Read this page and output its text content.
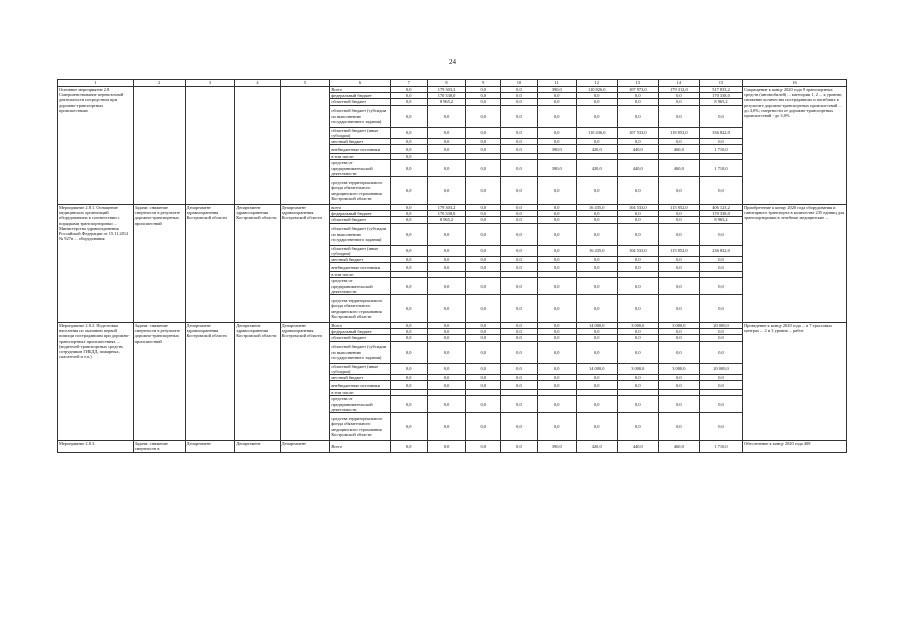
24
1	2	3	4	5	6	7	8	9	10	11	12	13	14	15	16
Основное мероприятие 2.8. Совершенствование перевозочной деятельности посредством при дорожно-транспортных происшествиях					Всего	0,0	179 303,2	0,0	0,0	390,0	110 826,0	107 973,0	179 312,0	517 833,2	Сокращение к концу 2020 года 9 транспортных средств (автомобилей) ... категории 1, 2 ... к уровню; снижение количества пострадавших и погибших в результате дорожно-транспортных происшествий ... до 4,0%; смертности от дорожно-транспортных происшествий - до 3,0%
					федеральный бюджет	0,0	170 338,0	0,0	0,0	0,0	0,0	0,0	0,0	170 338,0	
					областной бюджет	0,0	8 965,2	0,0	0,0	0,0	0,0	0,0	0,0	8 965,2	
					областной бюджет (субсидии по выполнению государственного задания)	0,0	0,0	0,0	0,0	0,0	0,0	0,0	0,0	0,0	
					областной бюджет (иные субсидии)	0,0	0,0	0,0	0,0	0,0	110 436,0	107 533,0	118 853,0	336 822,0	
					местный бюджет	0,0	0,0	0,0	0,0	0,0	0,0	0,0	0,0	0,0	
					внебюджетные источники	0,0	0,0	0,0	0,0	390,0	420,0	440,0	460,0	1 710,0	
					в том числе:	0,0									
					средства от предпринимательской деятельности	0,0	0,0	0,0	0,0	390,0	420,0	440,0	460,0	1 710,0	
					средства территориального фонда обязательного медицинского страхования Костромской области	0,0	0,0	0,0	0,0	0,0	0,0	0,0	0,0	0,0	
Мероприятие 2.8.1. Оснащение медицинских организаций оборудованием в соответствии с порядками транспортировки ... Министерства здравоохранения Российской Федерации от 15.11.2012 № 927н ... оборудования	Задачи: снижение смертности в результате дорожно-транспортных происшествий	Департамент здравоохранения Костромской области	Департамент здравоохранения Костромской области	Департамент здравоохранения Костромской области	всего	0,0	179 303,2	0,0	0,0	0,0	16 435,0	104 533,0	115 852,0	406 123,2	Приобретение к концу 2020 года оборудования и санитарного транспорта в количестве 235 единиц для транспортировки в лечебные медицинские ...
					федеральный бюджет	0,0	170 338,0	0,0	0,0	0,0	0,0	0,0	0,0	170 338,0	
					областной бюджет	0,0	8 965,2	0,0	0,0	0,0	0,0	0,0	0,0	8 965,2	
					областной бюджет (субсидии по выполнению государственного задания)	0,0	0,0	0,0	0,0	0,0	0,0	0,0	0,0	0,0	
					областной бюджет (иные субсидии)	0,0	0,0	0,0	0,0	0,0	16 435,0	104 533,0	115 852,0	236 822,0	
					местный бюджет	0,0	0,0	0,0	0,0	0,0	0,0	0,0	0,0	0,0	
					внебюджетные источники	0,0	0,0	0,0	0,0	0,0	0,0	0,0	0,0	0,0	
					в том числе:										
					средства от предпринимательской деятельности	0,0	0,0	0,0	0,0	0,0	0,0	0,0	0,0	0,0	
					средства территориального фонда обязательного медицинского страхования Костромской области	0,0	0,0	0,0	0,0	0,0	0,0	0,0	0,0	0,0	
Мероприятие 2.8.2. Подготовка населения по оказанию первой помощи пострадавшим при дорожно-транспортных происшествиях ... (водителей транспортных средств, сотрудников ГИБДД, пожарных, спасателей и т.п.)	Задачи: снижение смертности в результате дорожно-транспортных происшествий	Департамент здравоохранения Костромской области	Департамент здравоохранения Костромской области	Департамент здравоохранения Костромской области	Всего	0,0	0,0	0,0	0,0	0,0	14 000,0	3 000,0	3 000,0	20 000,0	Проведение к концу 2020 года ... в 7 трассовых центрах ... 2 и 3 уровня ... работ
					федеральный бюджет	0,0	0,0	0,0	0,0	0,0	0,0	0,0	0,0	0,0	
					областной бюджет	0,0	0,0	0,0	0,0	0,0	0,0	0,0	0,0	0,0	
					областной бюджет (субсидии по выполнению государственного задания)	0,0	0,0	0,0	0,0	0,0	0,0	0,0	0,0	0,0	
					областной бюджет (иные субсидии)	0,0	0,0	0,0	0,0	0,0	14 000,0	3 000,0	3 000,0	20 000,0	
					местный бюджет	0,0	0,0	0,0	0,0	0,0	0,0	0,0	0,0	0,0	
					внебюджетные источники	0,0	0,0	0,0	0,0	0,0	0,0	0,0	0,0	0,0	
					в том числе:										
					средства от предпринимательской деятельности	0,0	0,0	0,0	0,0	0,0	0,0	0,0	0,0	0,0	
					средства территориального фонда обязательного медицинского страхования Костромской области	0,0	0,0	0,0	0,0	0,0	0,0	0,0	0,0	0,0	
Мероприятие 2.8.3.	Задачи: снижение смертности в	Департамент	Департамент	Департамент	Всего	0,0	0,0	0,0	0,0	390,0	420,0	440,0	460,0	1 710,0	Обеспечение к концу 2020 года 408
